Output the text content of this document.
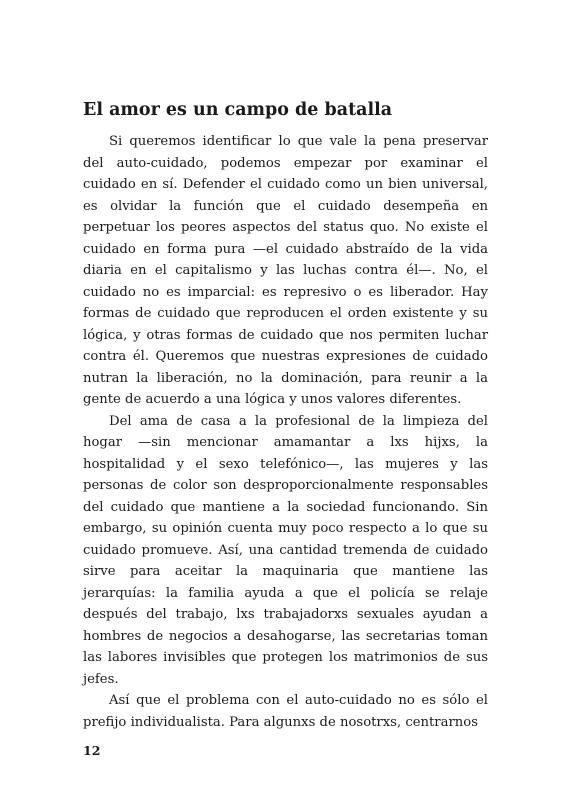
El amor es un campo de batalla

Si queremos identificar lo que vale la pena preservar del auto-cuidado, podemos empezar por examinar el cuidado en sí. Defender el cuidado como un bien universal, es olvidar la función que el cuidado desempeña en perpetuar los peores aspectos del status quo. No existe el cuidado en forma pura —el cuidado abstraído de la vida diaria en el capitalismo y las luchas contra él—. No, el cuidado no es imparcial: es represivo o es liberador. Hay formas de cuidado que reproducen el orden existente y su lógica, y otras formas de cuidado que nos permiten luchar contra él. Queremos que nuestras expresiones de cuidado nutran la liberación, no la dominación, para reunir a la gente de acuerdo a una lógica y unos valores diferentes.

Del ama de casa a la profesional de la limpieza del hogar —sin mencionar amamantar a lxs hijxs, la hospitalidad y el sexo telefónico—, las mujeres y las personas de color son desproporcionalmente responsables del cuidado que mantiene a la sociedad funcionando. Sin embargo, su opinión cuenta muy poco respecto a lo que su cuidado promueve. Así, una cantidad tremenda de cuidado sirve para aceitar la maquinaria que mantiene las jerarquías: la familia ayuda a que el policía se relaje después del trabajo, lxs trabajadorxs sexuales ayudan a hombres de negocios a desahogarse, las secretarias toman las labores invisibles que protegen los matrimonios de sus jefes.

Así que el problema con el auto-cuidado no es sólo el prefijo individualista. Para algunxs de nosotrxs, centrarnos

12
